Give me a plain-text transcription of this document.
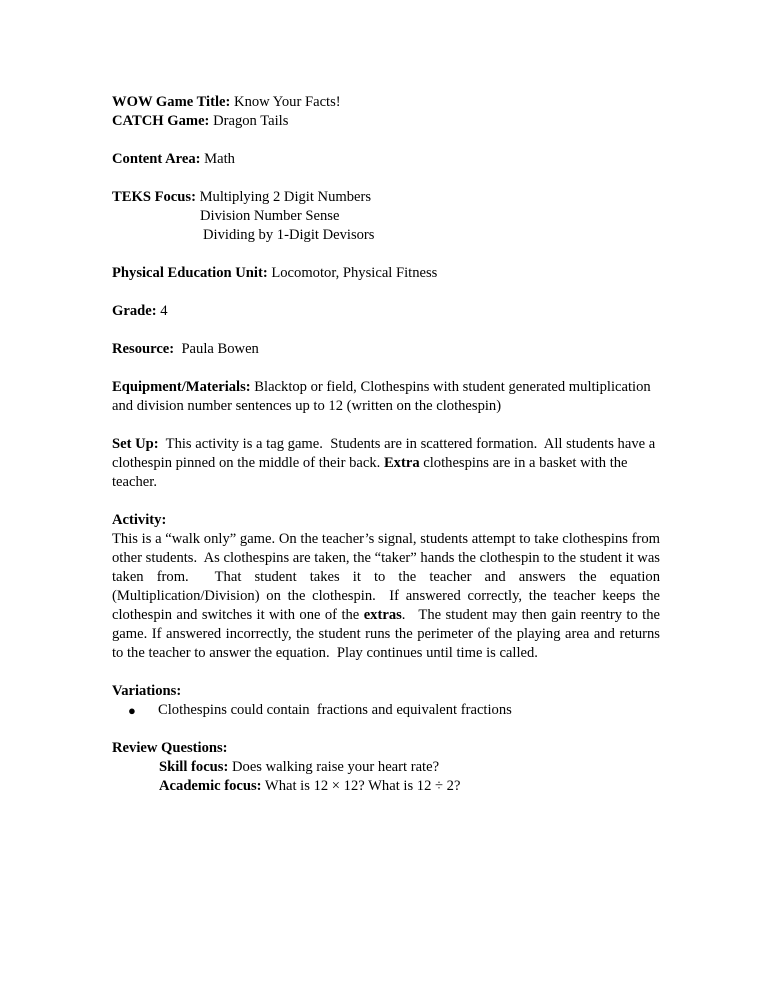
WOW Game Title: Know Your Facts!
CATCH Game: Dragon Tails
Content Area: Math
TEKS Focus: Multiplying 2 Digit Numbers
Division Number Sense
Dividing by 1-Digit Devisors
Physical Education Unit: Locomotor, Physical Fitness
Grade: 4
Resource:  Paula Bowen

Equipment/Materials: Blacktop or field, Clothespins with student generated multiplication and division number sentences up to 12 (written on the clothespin)

Set Up:  This activity is a tag game.  Students are in scattered formation.  All students have a clothespin pinned on the middle of their back. Extra clothespins are in a basket with the teacher.

Activity:

This is a “walk only” game. On the teacher’s signal, students attempt to take clothespins from other students.  As clothespins are taken, the “taker” hands the clothespin to the student it was taken from.  That student takes it to the teacher and answers the equation (Multiplication/Division) on the clothespin.  If answered correctly, the teacher keeps the clothespin and switches it with one of the extras.   The student may then gain reentry to the game. If answered incorrectly, the student runs the perimeter of the playing area and returns to the teacher to answer the equation.  Play continues until time is called.

Variations:
● Clothespins could contain  fractions and equivalent fractions
Review Questions:
Skill focus: Does walking raise your heart rate?
Academic focus: What is 12 × 12? What is 12 ÷ 2?
